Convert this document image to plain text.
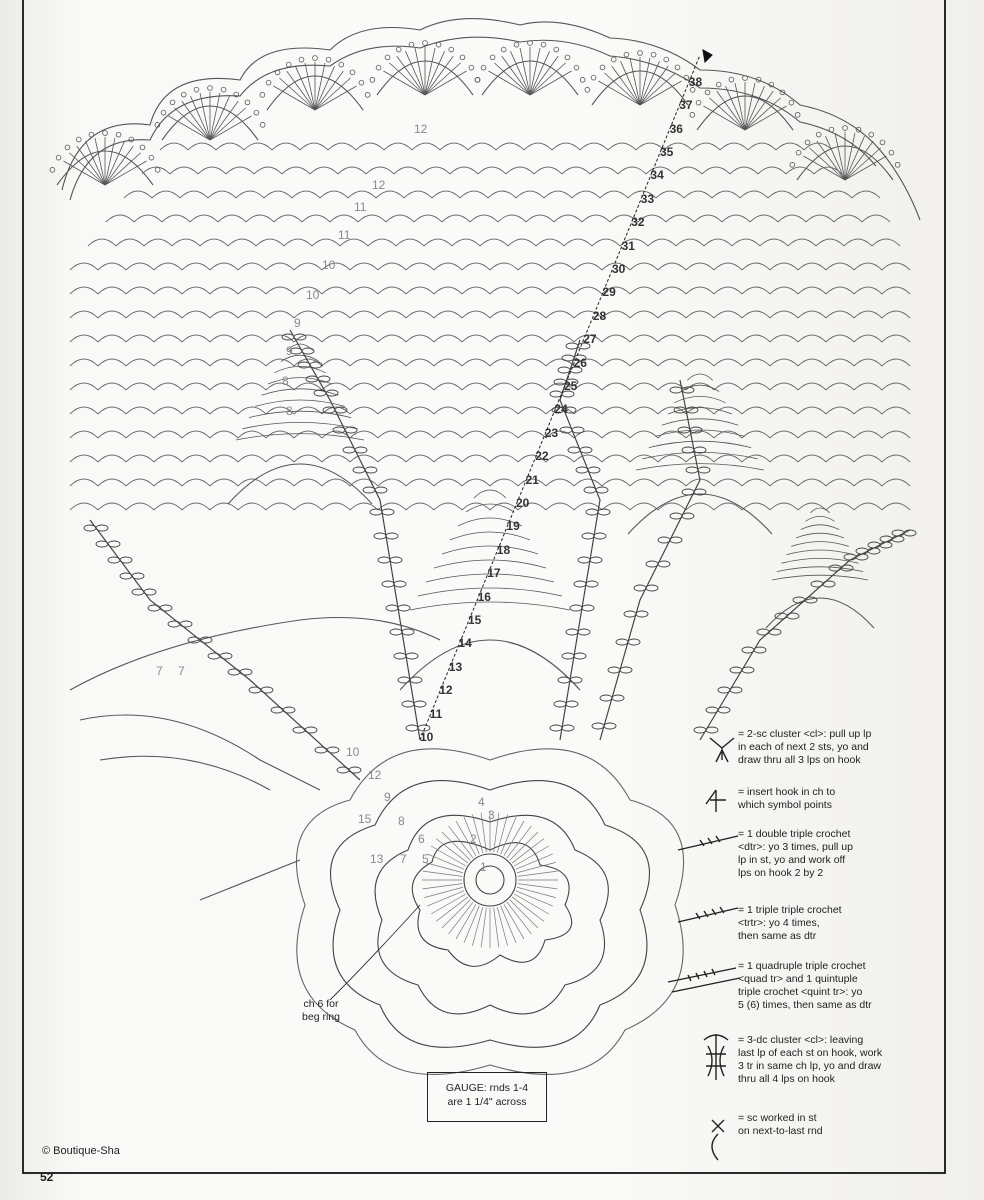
10
11
12
13
14
15
16
17
18
19
20
21
22
23
24
25
26
27
28
29
30
31
32
33
34
35
36
37
38
12
12
11
11
10
10
9
9
8
8
7 7
4
3
2
1
5
6
7
8
9
10
12
13
15
ch 6 for
beg ring
GAUGE: rnds 1-4
are 1 1/4" across
= 2-sc cluster <cl>: pull up lp
in each of next 2 sts, yo and
draw thru all 3 lps on hook
= insert hook in ch to
which symbol points
= 1 double triple crochet
<dtr>: yo 3 times, pull up
lp in st, yo and work off
lps on hook 2 by 2
= 1 triple triple crochet
<trtr>: yo 4 times,
then same as dtr
= 1 quadruple triple crochet
<quad tr> and 1 quintuple
triple crochet <quint tr>: yo
5 (6) times, then same as dtr
= 3-dc cluster <cl>: leaving
last lp of each st on hook, work
3 tr in same ch lp, yo and draw
thru all 4 lps on hook
= sc worked in st
on next-to-last rnd
© Boutique-Sha
52
